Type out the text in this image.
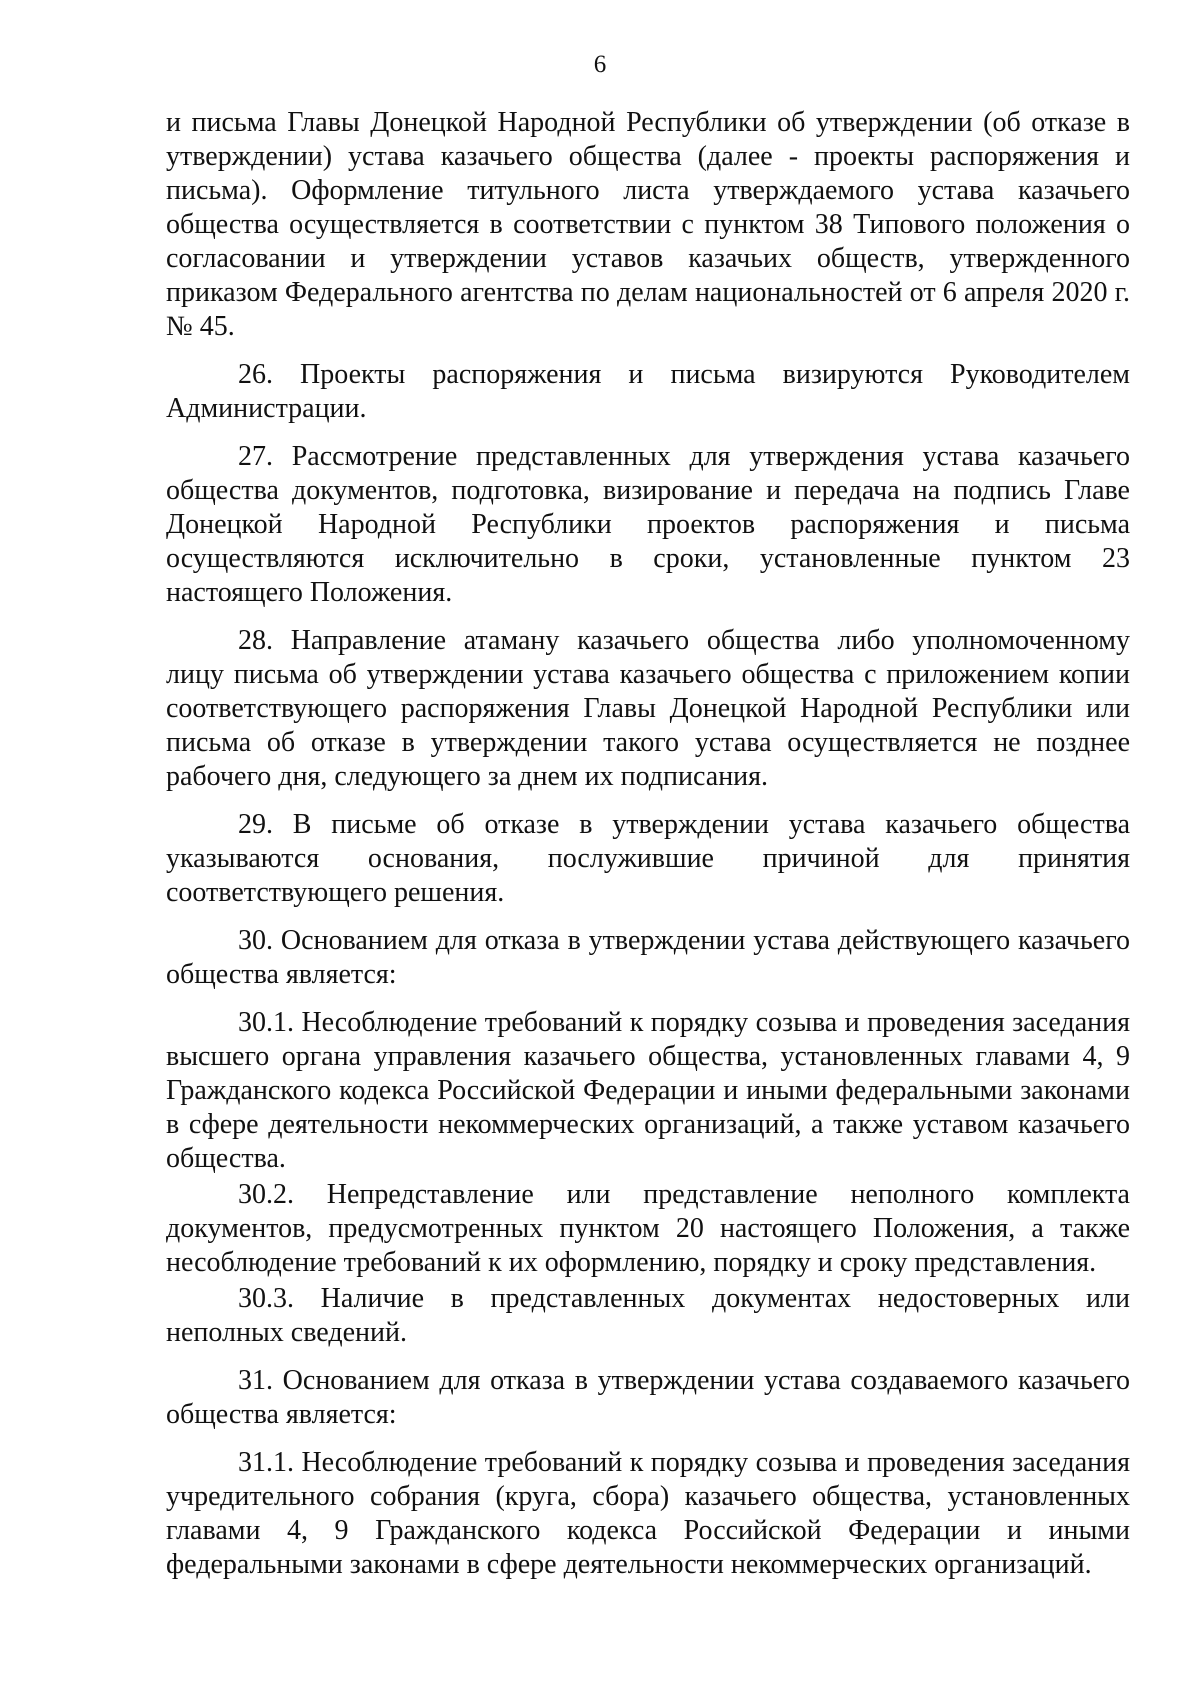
6

и письма Главы Донецкой Народной Республики об утверждении (об отказе в утверждении) устава казачьего общества (далее - проекты распоряжения и письма). Оформление титульного листа утверждаемого устава казачьего общества осуществляется в соответствии с пунктом 38 Типового положения о согласовании и утверждении уставов казачьих обществ, утвержденного приказом Федерального агентства по делам национальностей от 6 апреля 2020 г. № 45.

26. Проекты распоряжения и письма визируются Руководителем Администрации.

27. Рассмотрение представленных для утверждения устава казачьего общества документов, подготовка, визирование и передача на подпись Главе Донецкой Народной Республики проектов распоряжения и письма осуществляются исключительно в сроки, установленные пунктом 23 настоящего Положения.

28. Направление атаману казачьего общества либо уполномоченному лицу письма об утверждении устава казачьего общества с приложением копии соответствующего распоряжения Главы Донецкой Народной Республики или письма об отказе в утверждении такого устава осуществляется не позднее рабочего дня, следующего за днем их подписания.

29. В письме об отказе в утверждении устава казачьего общества указываются основания, послужившие причиной для принятия соответствующего решения.

30. Основанием для отказа в утверждении устава действующего казачьего общества является:

30.1. Несоблюдение требований к порядку созыва и проведения заседания высшего органа управления казачьего общества, установленных главами 4, 9 Гражданского кодекса Российской Федерации и иными федеральными законами в сфере деятельности некоммерческих организаций, а также уставом казачьего общества.

30.2. Непредставление или представление неполного комплекта документов, предусмотренных пунктом 20 настоящего Положения, а также несоблюдение требований к их оформлению, порядку и сроку представления.

30.3. Наличие в представленных документах недостоверных или неполных сведений.

31. Основанием для отказа в утверждении устава создаваемого казачьего общества является:

31.1. Несоблюдение требований к порядку созыва и проведения заседания учредительного собрания (круга, сбора) казачьего общества, установленных главами 4, 9 Гражданского кодекса Российской Федерации и иными федеральными законами в сфере деятельности некоммерческих организаций.
